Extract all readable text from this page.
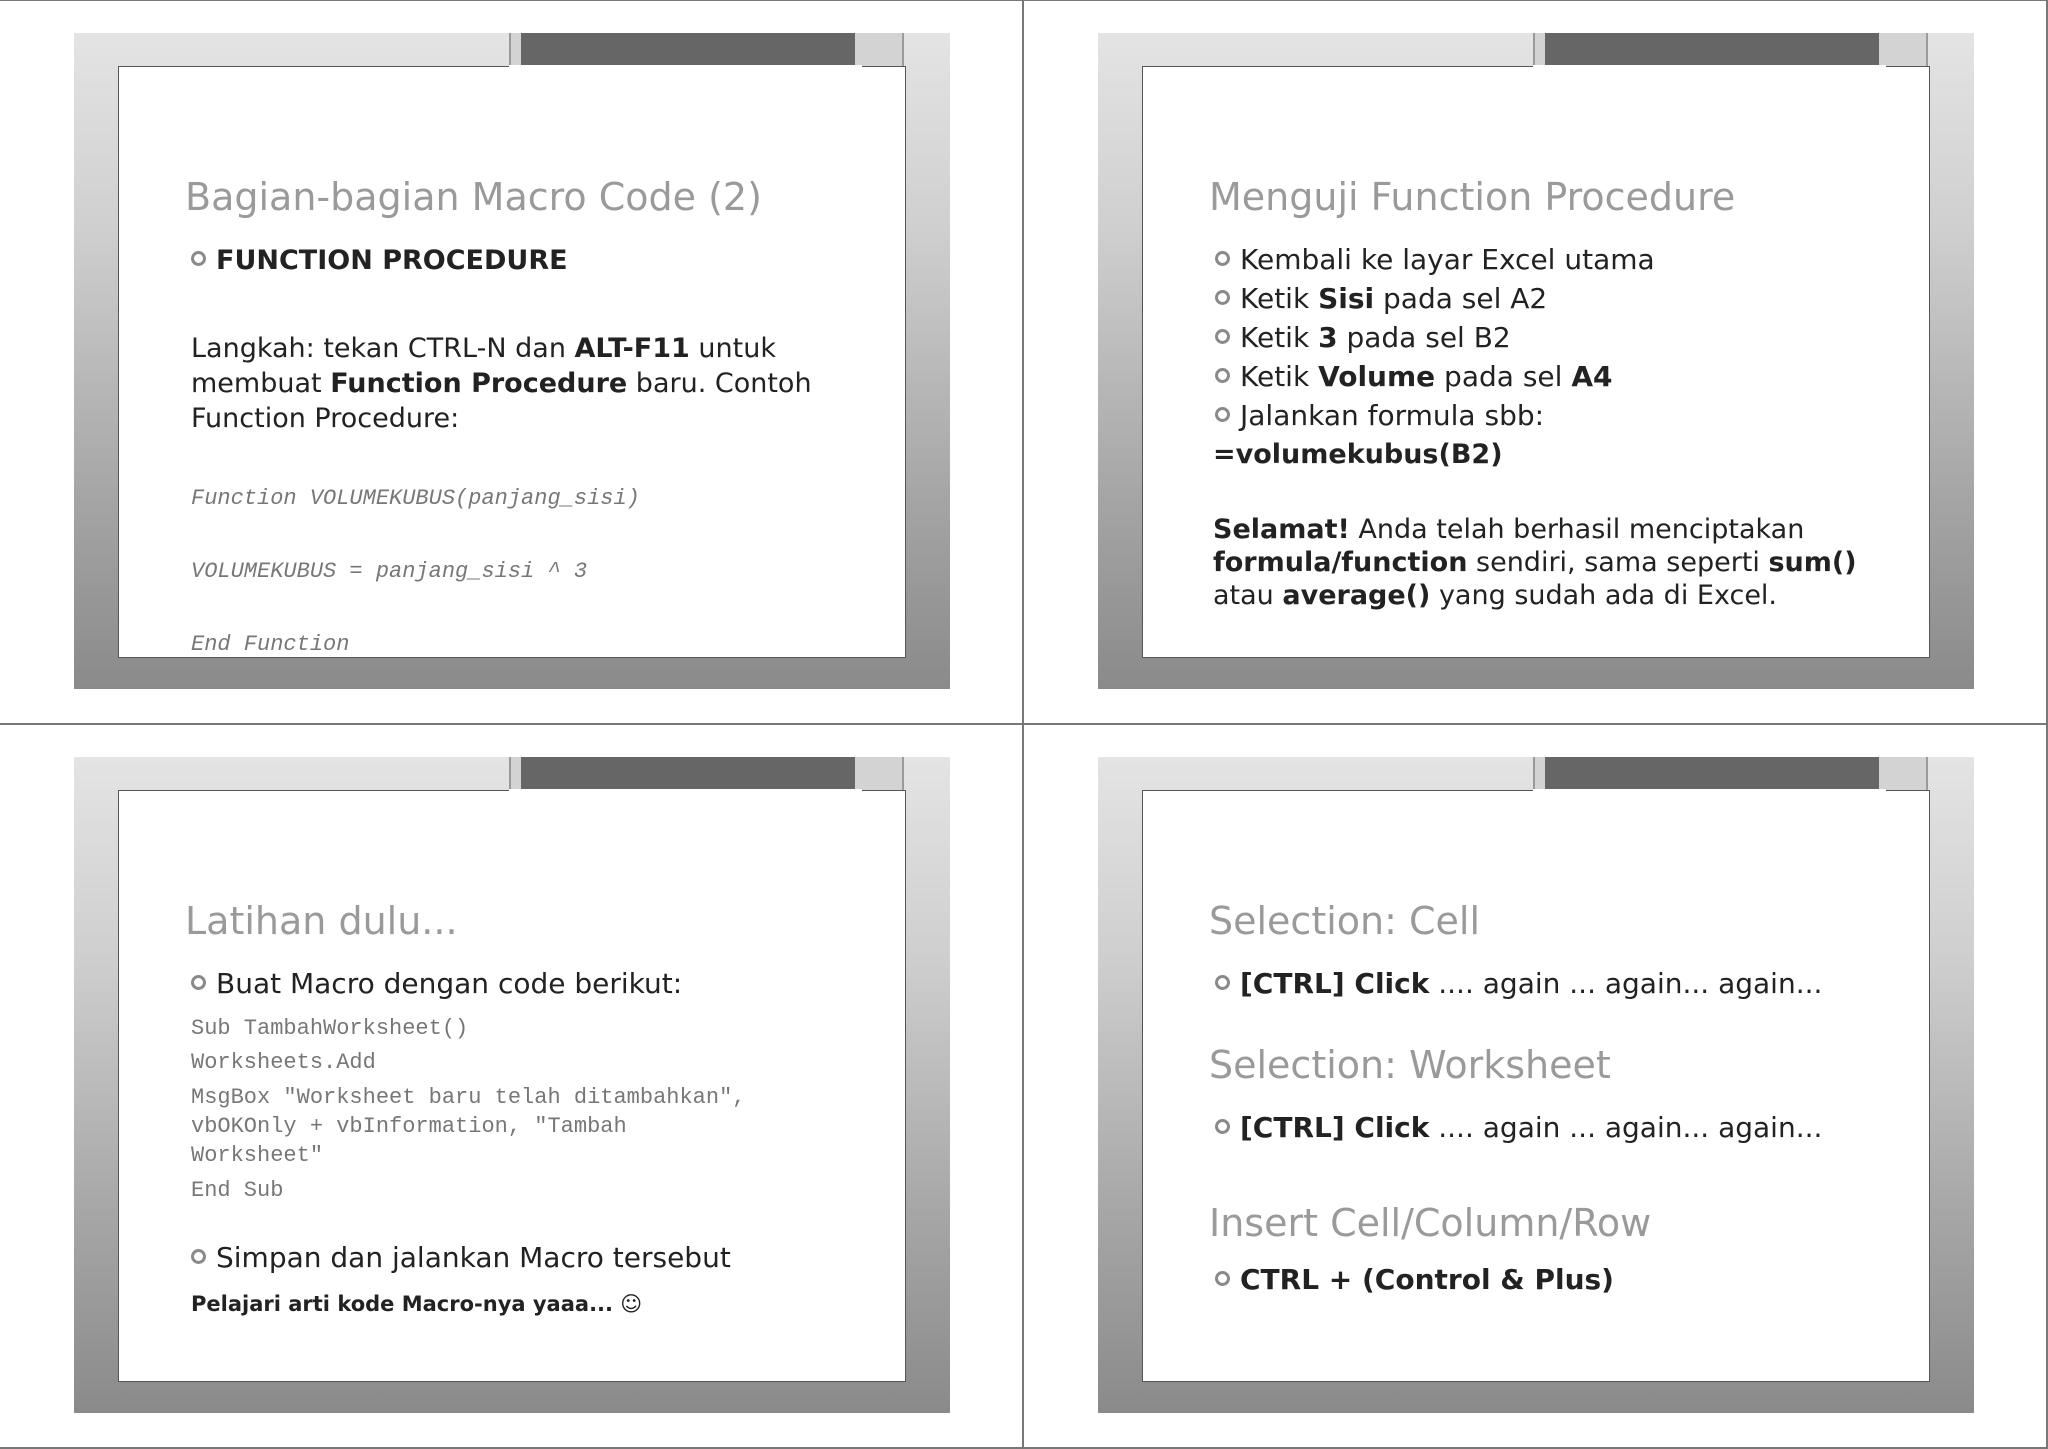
Bagian-bagian Macro Code (2)
FUNCTION PROCEDURE
Langkah: tekan CTRL-N dan ALT-F11 untuk membuat Function Procedure baru. Contoh Function Procedure:
Function VOLUMEKUBUS(panjang_sisi)
VOLUMEKUBUS = panjang_sisi ^ 3
End Function
Menguji Function Procedure
Kembali ke layar Excel utama
Ketik Sisi pada sel A2
Ketik 3 pada sel B2
Ketik Volume pada sel A4
Jalankan formula sbb:
=volumekubus(B2)
Selamat! Anda telah berhasil menciptakan formula/function sendiri, sama seperti sum() atau average() yang sudah ada di Excel.
Latihan dulu...
Buat Macro dengan code berikut:
Sub TambahWorksheet()
Worksheets.Add
MsgBox "Worksheet baru telah ditambahkan",
vbOKOnly + vbInformation, "Tambah
Worksheet"
End Sub
Simpan dan jalankan Macro tersebut
Pelajari arti kode Macro-nya yaaa... ☺
Selection: Cell
[CTRL] Click .... again ... again... again...
Selection: Worksheet
[CTRL] Click .... again ... again... again...
Insert Cell/Column/Row
CTRL + (Control & Plus)
